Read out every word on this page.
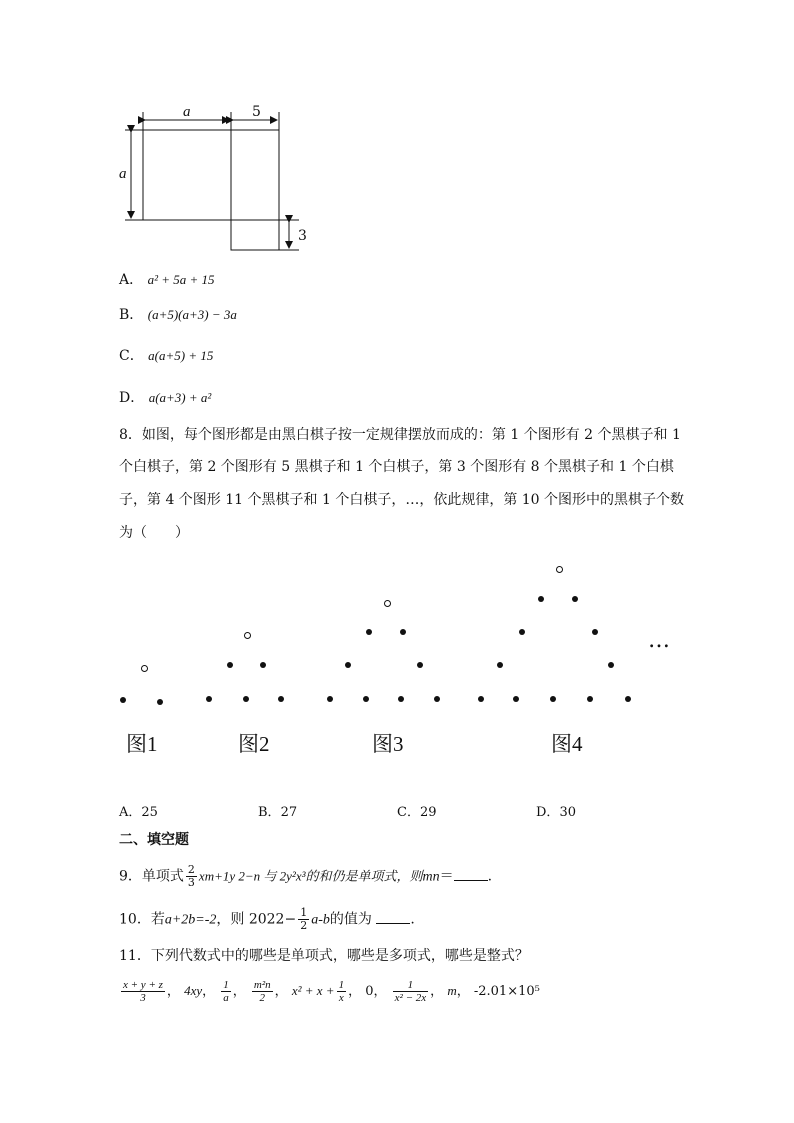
a	5
a
3
A． a² + 5a + 15
B． (a+5)(a+3) − 3a
C． a(a+5) + 15
D． a(a+3) + a²
8．如图，每个图形都是由黑白棋子按一定规律摆放而成的：第 1 个图形有 2 个黑棋子和 1
个白棋子，第 2 个图形有 5 黑棋子和 1 个白棋子，第 3 个图形有 8 个黑棋子和 1 个白棋
子，第 4 个图形 11 个黑棋子和 1 个白棋子，…，依此规律，第 10 个图形中的黑棋子个数
为（　　）
…
图1	图2	图3	图4
A．25	B．27	C．29	D．30
二、填空题
9．单项式 $\frac{2}{3} xm+1y$ 2−n 与 2y²x³的和仍是单项式，则mn＝ .
10．若a+2b=-2，则 $2022- \frac{1}{2} a-b$的值为	.
11．下列代数式中的哪些是单项式，哪些是多项式，哪些是整式？
$\frac{x + y + z}{3}$ ， 4xy， $\frac{1}{a}$ ， $\frac{\text{m²n}}{2}$ ， $x^2 + x + \frac{1}{x}$ ， 0， $\frac{1}{\text{x² − 2x}}$ ， m， -2.01×10⁵
